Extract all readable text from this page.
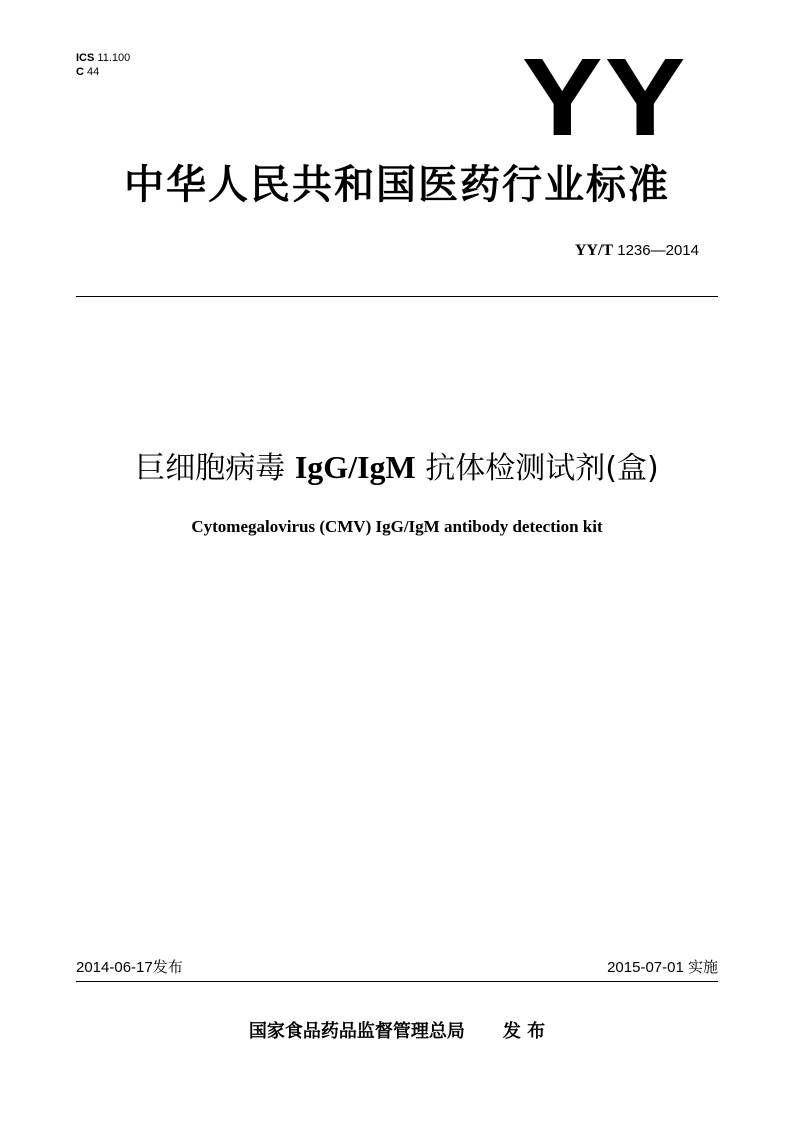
ICS 11.100
C 44	YY
中华人民共和国医药行业标准
YY/T 1236—2014
巨细胞病毒 IgG/IgM 抗体检测试剂(盒)
Cytomegalovirus (CMV) IgG/IgM antibody detection kit
2014-06-17发布	2015-07-01 实施
国家食品药品监督管理总局 发 布
